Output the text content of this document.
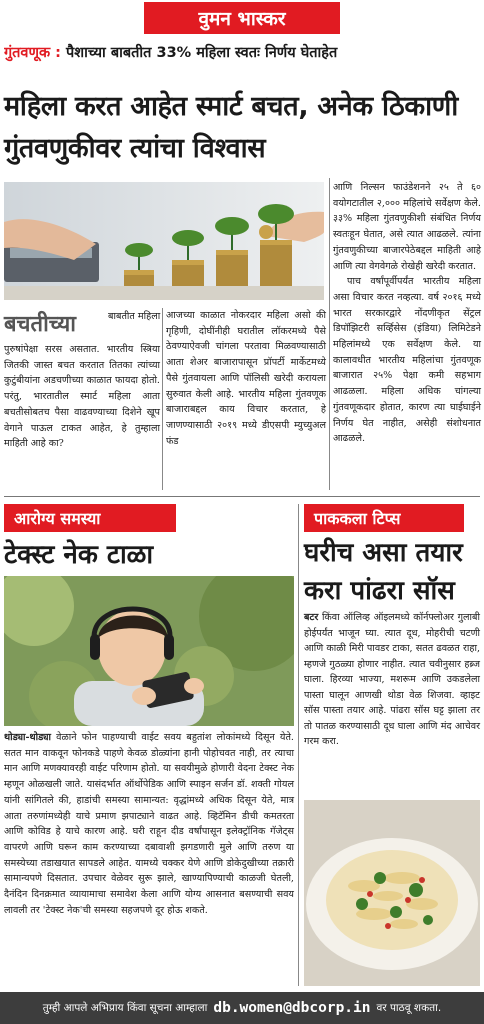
वुमन भास्कर
गुंतवणूक : पैशाच्या बाबतीत 33% महिला स्वतः निर्णय घेताहेत
महिला करत आहेत स्मार्ट बचत, अनेक ठिकाणी गुंतवणुकीवर त्यांचा विश्वास
बचतीच्या	बाबतीत महिला
पुरुषांपेक्षा सरस असतात. भारतीय स्त्रिया जितकी जास्त बचत करतात तितका त्यांच्या कुटुंबीयांना अडचणीच्या काळात फायदा होतो. परंतु, भारतातील स्मार्ट महिला आता बचतीसोबतच पैसा वाढवण्याच्या दिशेने खूप वेगाने पाऊल टाकत आहेत, हे तुम्हाला माहिती आहे का?
आजच्या काळात नोकरदार महिला असो की गृहिणी, दोघींनीही घरातील लॉकरमध्ये पैसे ठेवण्याऐवजी चांगला परतावा मिळवण्यासाठी आता शेअर बाजारापासून प्रॉपर्टी मार्केटमध्ये पैसे गुंतवायला आणि पॉलिसी खरेदी करायला सुरुवात केली आहे. भारतीय महिला गुंतवणूक बाजाराबद्दल काय विचार करतात, हे जाणण्यासाठी २०१९ मध्ये डीएसपी म्युच्युअल फंड
आणि निल्सन फाउंडेशनने २५ ते ६० वयोगटातील २,००० महिलांचे सर्वेक्षण केले. ३३% महिला गुंतवणुकीशी संबंधित निर्णय स्वतःहून घेतात, असे त्यात आढळले. त्यांना गुंतवणुकीच्या बाजारपेठेबद्दल माहिती आहे आणि त्या वेगवेगळे रोखेही खरेदी करतात.
पाच वर्षांपूर्वीपर्यंत भारतीय महिला असा विचार करत नव्हत्या. वर्ष २०१६ मध्ये भारत सरकारद्वारे नोंदणीकृत सेंट्रल डिपॉझिटरी सर्व्हिसेस (इंडिया) लिमिटेडने महिलांमध्ये एक सर्वेक्षण केले. या कालावधीत भारतीय महिलांचा गुंतवणूक बाजारात २५% पेक्षा कमी सहभाग आढळला. महिला अधिक चांगल्या गुंतवणूकदार होतात, कारण त्या घाईघाईने निर्णय घेत नाहीत, असेही संशोधनात आढळले.
आरोग्य समस्या
टेक्स्ट नेक टाळा
थोड्या-थोड्या वेळाने फोन पाहण्याची वाईट सवय बहुतांश लोकांमध्ये दिसून येते. सतत मान वाकवून फोनकडे पाहणे केवळ डोळ्यांना हानी पोहोचवत नाही, तर त्याचा मान आणि मणक्यावरही वाईट परिणाम होतो. या सवयीमुळे होणारी वेदना टेक्स्ट नेक म्हणून ओळखली जाते. यासंदर्भात ऑर्थोपेडिक आणि स्पाइन सर्जन डॉ. शक्ती गोयल यांनी सांगितले की, हाडांची समस्या सामान्यत: वृद्धांमध्ये अधिक दिसून येते, मात्र आता तरुणांमध्येही याचे प्रमाण झपाट्याने वाढत आहे. व्हिटॅमिन डीची कमतरता आणि कोविड हे याचे कारण आहे. घरी राहून दीड वर्षांपासून इलेक्ट्रॉनिक गॅजेट्स वापरणे आणि घरून काम करण्याच्या दबावाशी झगडणारी मुले आणि तरुण या समस्येच्या तडाखयात सापडले आहेत. यामध्ये चक्कर येणे आणि डोकेदुखीच्या तक्रारी सामान्यपणे दिसतात. उपचार वेळेवर सुरू झाले, खाण्यापिण्याची काळजी घेतली, दैनंदिन दिनक्रमात व्यायामाचा समावेश केला आणि योग्य आसनात बसण्याची सवय लावली तर 'टेक्स्ट नेक'ची समस्या सहजपणे दूर होऊ शकते.
पाककला टिप्स
घरीच असा तयार करा पांढरा सॉस
बटर किंवा ऑलिव्ह ऑइलमध्ये कॉर्नफ्लोअर गुलाबी होईपर्यंत भाजून घ्या. त्यात दूध, मोहरीची चटणी आणि काळी मिरी पावडर टाका, सतत ढवळत राहा, म्हणजे गुठळ्या होणार नाहीत. त्यात चवीनुसार हब्र्ज घाला. हिरव्या भाज्या, मशरूम आणि उकडलेला पास्ता घालून आणखी थोडा वेळ शिजवा. व्हाइट सॉस पास्ता तयार आहे. पांढरा सॉस घट्ट झाला तर तो पातळ करण्यासाठी दूध घाला आणि मंद आचेवर गरम करा.
तुम्ही आपले अभिप्राय किंवा सूचना आम्हाला db.women@dbcorp.in वर पाठवू शकता.
